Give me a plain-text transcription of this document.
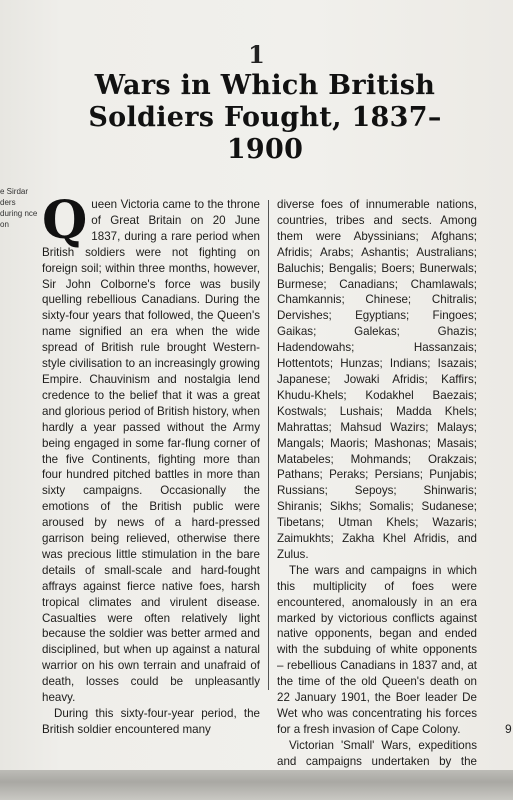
1
Wars in Which British Soldiers Fought, 1837–1900
e Sirdar ders during nce on Queen Victoria came to the throne of Great Britain on 20 June 1837, during a rare period when British soldiers were not fighting on foreign soil; within three months, however, Sir John Colborne's force was busily quelling rebellious Canadians. During the sixty-four years that followed, the Queen's name signified an era when the wide spread of British rule brought Western-style civilisation to an increasingly growing Empire. Chauvinism and nostalgia lend credence to the belief that it was a great and glorious period of British history, when hardly a year passed without the Army being engaged in some far-flung corner of the five Continents, fighting more than four hundred pitched battles in more than sixty campaigns. Occasionally the emotions of the British public were aroused by news of a hard-pressed garrison being relieved, otherwise there was precious little stimulation in the bare details of small-scale and hard-fought affrays against fierce native foes, harsh tropical climates and virulent disease. Casualties were often relatively light because the soldier was better armed and disciplined, but when up against a natural warrior on his own terrain and unafraid of death, losses could be unpleasantly heavy.

During this sixty-four-year period, the British soldier encountered many

diverse foes of innumerable nations, countries, tribes and sects. Among them were Abyssinians; Afghans; Afridis; Arabs; Ashantis; Australians; Baluchis; Bengalis; Boers; Bunerwals; Burmese; Canadians; Chamlawals; Chamkannis; Chinese; Chitralis; Dervishes; Egyptians; Fingoes; Gaikas; Galekas; Ghazis; Hadendowahs; Hassanzais; Hottentots; Hunzas; Indians; Isazais; Japanese; Jowaki Afridis; Kaffirs; Khudu-Khels; Kodakhel Baezais; Kostwals; Lushais; Madda Khels; Mahrattas; Mahsud Wazirs; Malays; Mangals; Maoris; Mashonas; Masais; Matabeles; Mohmands; Orakzais; Pathans; Peraks; Persians; Punjabis; Russians; Sepoys; Shinwaris; Shiranis; Sikhs; Somalis; Sudanese; Tibetans; Utman Khels; Wazaris; Zaimukhts; Zakha Khel Afridis, and Zulus.

The wars and campaigns in which this multiplicity of foes were encountered, anomalously in an era marked by victorious conflicts against native opponents, began and ended with the subduing of white opponents – rebellious Canadians in 1837 and, at the time of the old Queen's death on 22 January 1901, the Boer leader De Wet who was concentrating his forces for a fresh invasion of Cape Colony.

Victorian 'Small' Wars, expeditions and campaigns undertaken by the

9
